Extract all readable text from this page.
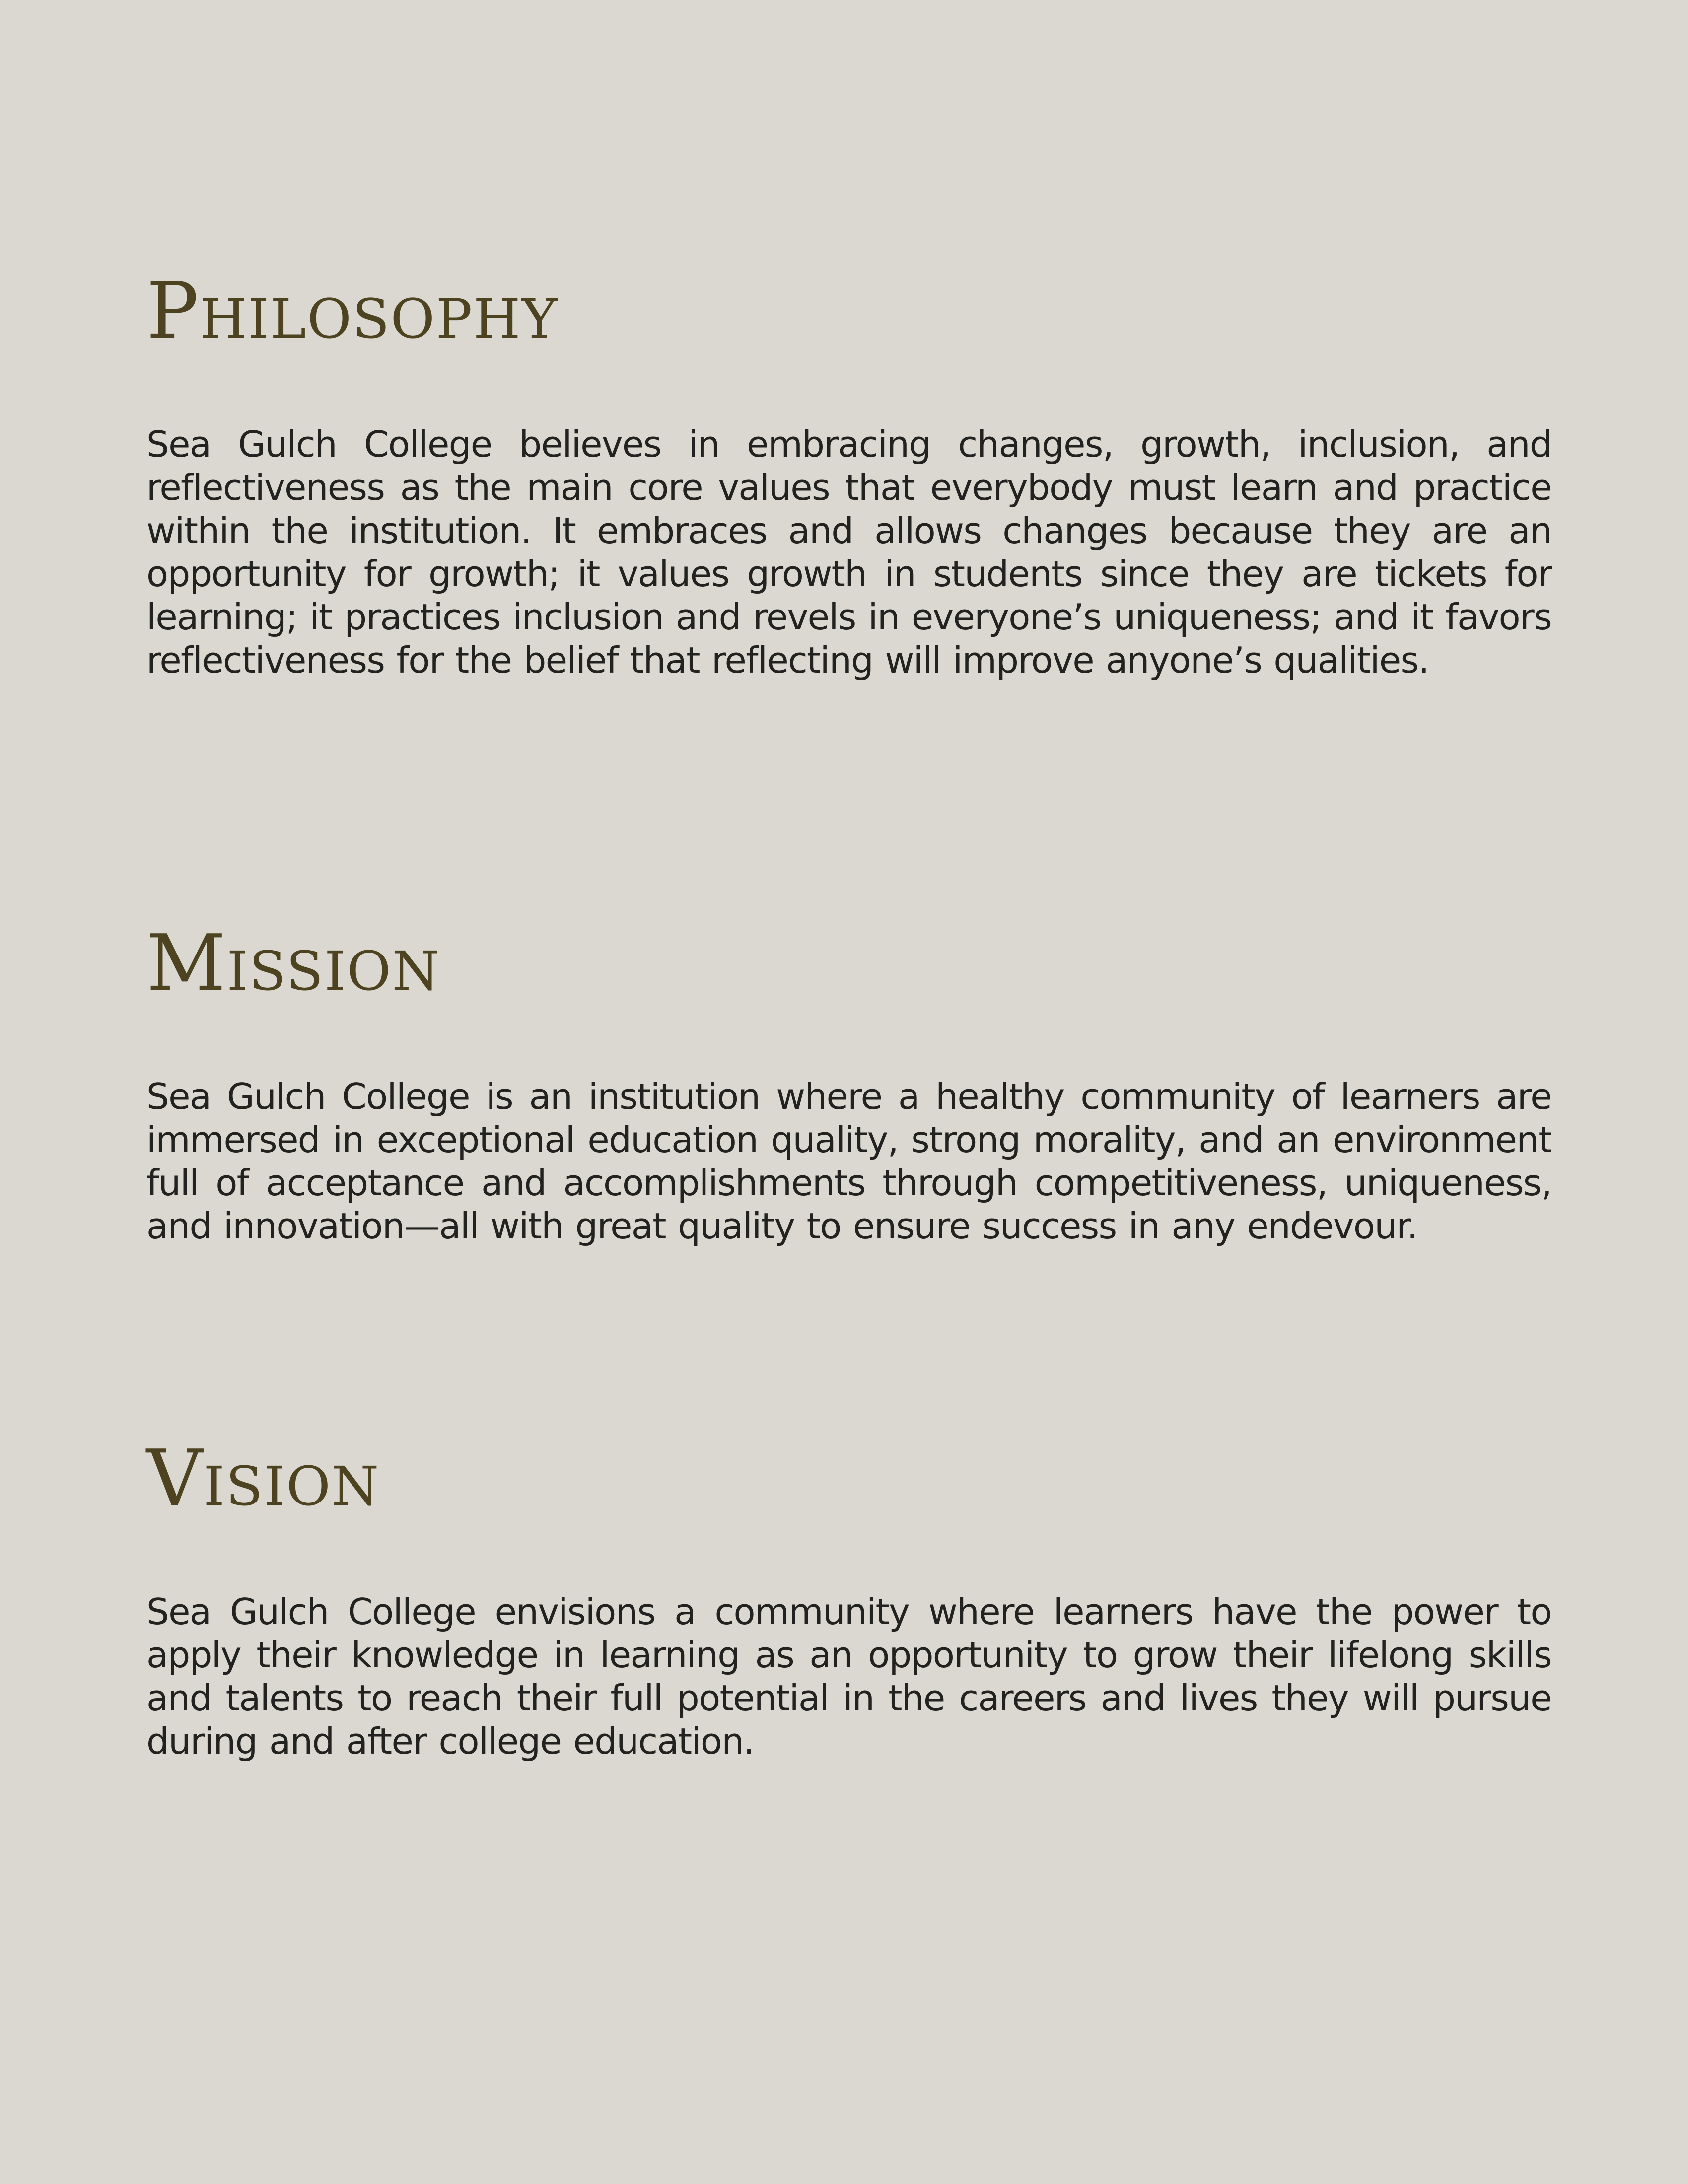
Philosophy

Sea Gulch College believes in embracing changes, growth, inclusion, and reflectiveness as the main core values that everybody must learn and practice within the institution. It embraces and allows changes because they are an opportunity for growth; it values growth in students since they are tickets for learning; it practices inclusion and revels in everyone’s uniqueness; and it favors reflectiveness for the belief that reflecting will improve anyone’s qualities.

Mission

Sea Gulch College is an institution where a healthy community of learners are immersed in exceptional education quality, strong morality, and an environment full of acceptance and accomplishments through competitiveness, uniqueness, and innovation—all with great quality to ensure success in any endevour.

Vision

Sea Gulch College envisions a community where learners have the power to apply their knowledge in learning as an opportunity to grow their lifelong skills and talents to reach their full potential in the careers and lives they will pursue during and after college education.
